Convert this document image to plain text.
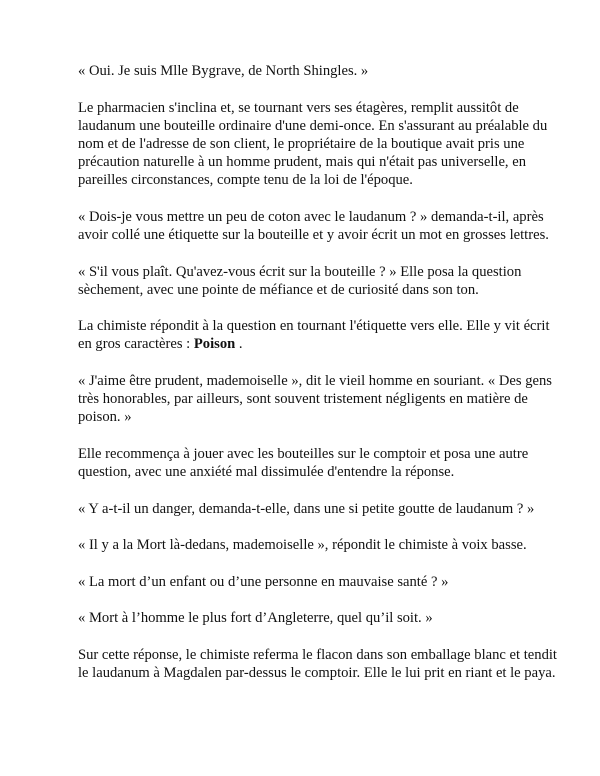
« Oui. Je suis Mlle Bygrave, de North Shingles. »

Le pharmacien s'inclina et, se tournant vers ses étagères, remplit aussitôt de laudanum une bouteille ordinaire d'une demi-once. En s'assurant au préalable du nom et de l'adresse de son client, le propriétaire de la boutique avait pris une précaution naturelle à un homme prudent, mais qui n'était pas universelle, en pareilles circonstances, compte tenu de la loi de l'époque.

« Dois-je vous mettre un peu de coton avec le laudanum ? » demanda-t-il, après avoir collé une étiquette sur la bouteille et y avoir écrit un mot en grosses lettres.

« S'il vous plaît. Qu'avez-vous écrit sur la bouteille ? » Elle posa la question sèchement, avec une pointe de méfiance et de curiosité dans son ton.

La chimiste répondit à la question en tournant l'étiquette vers elle. Elle y vit écrit en gros caractères : Poison .

« J'aime être prudent, mademoiselle », dit le vieil homme en souriant. « Des gens très honorables, par ailleurs, sont souvent tristement négligents en matière de poison. »

Elle recommença à jouer avec les bouteilles sur le comptoir et posa une autre question, avec une anxiété mal dissimulée d'entendre la réponse.

« Y a-t-il un danger, demanda-t-elle, dans une si petite goutte de laudanum ? »

« Il y a la Mort là-dedans, mademoiselle », répondit le chimiste à voix basse.

« La mort d’un enfant ou d’une personne en mauvaise santé ? »

« Mort à l’homme le plus fort d’Angleterre, quel qu’il soit. »

Sur cette réponse, le chimiste referma le flacon dans son emballage blanc et tendit le laudanum à Magdalen par-dessus le comptoir. Elle le lui prit en riant et le paya.
